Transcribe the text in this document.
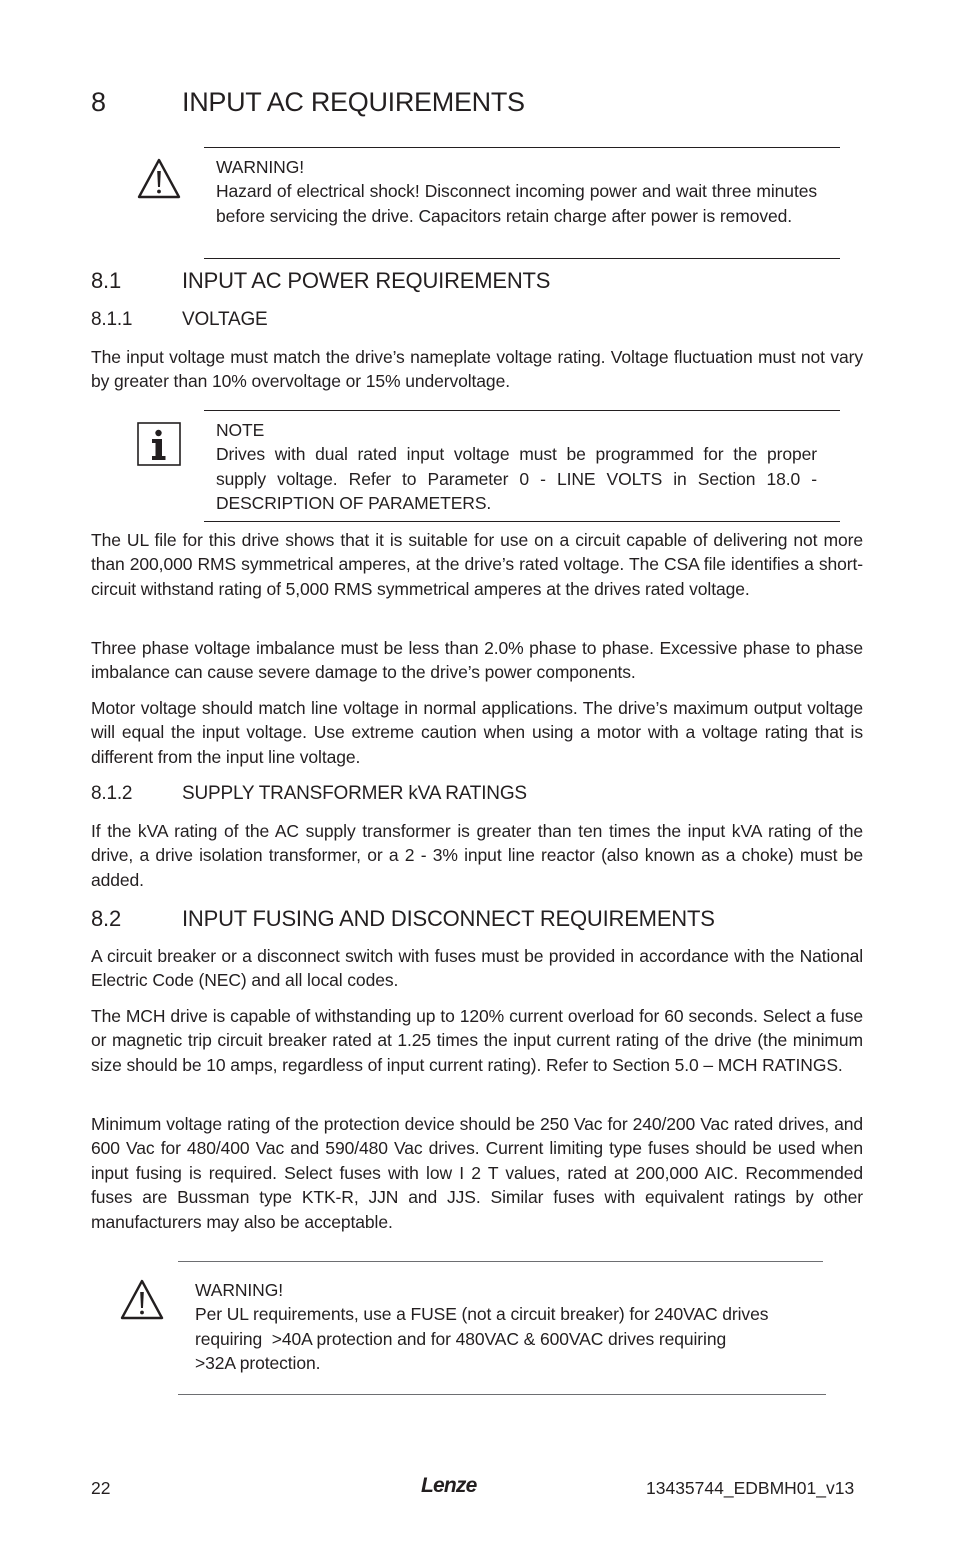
8	INPUT AC REQUIREMENTS
WARNING!
Hazard of electrical shock! Disconnect incoming power and wait three minutes before servicing the drive. Capacitors retain charge after power is removed.
8.1	INPUT AC POWER REQUIREMENTS
8.1.1	VOLTAGE

The input voltage must match the drive’s nameplate voltage rating. Voltage fluctuation must not vary by greater than 10% overvoltage or 15% undervoltage.

NOTE
Drives with dual rated input voltage must be programmed for the proper supply voltage. Refer to Parameter 0 - LINE VOLTS in Section 18.0 - DESCRIPTION OF PARAMETERS.

The UL file for this drive shows that it is suitable for use on a circuit capable of delivering not more than 200,000 RMS symmetrical amperes, at the drive’s rated voltage. The CSA file identifies a short-circuit withstand rating of 5,000 RMS symmetrical amperes at the drives rated voltage.

Three phase voltage imbalance must be less than 2.0% phase to phase. Excessive phase to phase imbalance can cause severe damage to the drive’s power components.

Motor voltage should match line voltage in normal applications. The drive’s maximum output voltage will equal the input voltage. Use extreme caution when using a motor with a voltage rating that is different from the input line voltage.

8.1.2	SUPPLY TRANSFORMER kVA RATINGS

If the kVA rating of the AC supply transformer is greater than ten times the input kVA rating of the drive, a drive isolation transformer, or a 2 - 3% input line reactor (also known as a choke) must be added.

8.2	INPUT FUSING AND DISCONNECT REQUIREMENTS

A circuit breaker or a disconnect switch with fuses must be provided in accordance with the National Electric Code (NEC) and all local codes.

The MCH drive is capable of withstanding up to 120% current overload for 60 seconds. Select a fuse or magnetic trip circuit breaker rated at 1.25 times the input current rating of the drive (the minimum size should be 10 amps, regardless of input current rating). Refer to Section 5.0 – MCH RATINGS.

Minimum voltage rating of the protection device should be 250 Vac for 240/200 Vac rated drives, and 600 Vac for 480/400 Vac and 590/480 Vac drives. Current limiting type fuses should be used when input fusing is required. Select fuses with low I 2 T values, rated at 200,000 AIC. Recommended fuses are Bussman type KTK-R, JJN and JJS. Similar fuses with equivalent ratings by other manufacturers may also be acceptable.

WARNING!
Per UL requirements, use a FUSE (not a circuit breaker) for 240VAC drives
requiring  >40A protection and for 480VAC & 600VAC drives requiring
>32A protection.
22	Lenze	13435744_EDBMH01_v13
